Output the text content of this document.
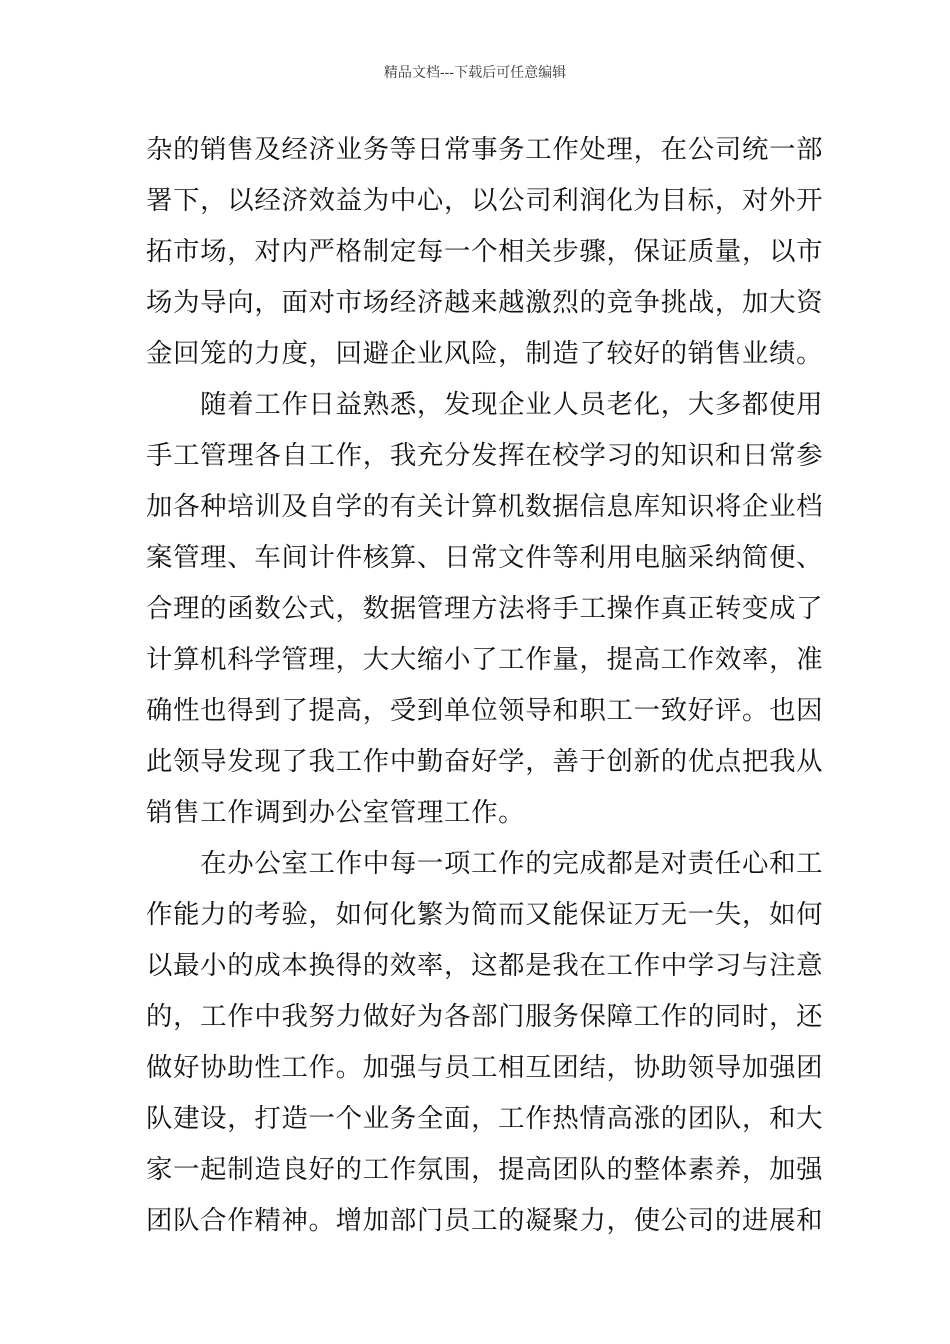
精品文档---下载后可任意编辑
杂的销售及经济业务等日常事务工作处理，在公司统一部
署下，以经济效益为中心，以公司利润化为目标，对外开
拓市场，对内严格制定每一个相关步骤，保证质量，以市
场为导向，面对市场经济越来越激烈的竞争挑战，加大资
金回笼的力度，回避企业风险，制造了较好的销售业绩。
　　随着工作日益熟悉，发现企业人员老化，大多都使用
手工管理各自工作，我充分发挥在校学习的知识和日常参
加各种培训及自学的有关计算机数据信息库知识将企业档
案管理、车间计件核算、日常文件等利用电脑采纳简便、
合理的函数公式，数据管理方法将手工操作真正转变成了
计算机科学管理，大大缩小了工作量，提高工作效率，准
确性也得到了提高，受到单位领导和职工一致好评。也因
此领导发现了我工作中勤奋好学，善于创新的优点把我从
销售工作调到办公室管理工作。
　　在办公室工作中每一项工作的完成都是对责任心和工
作能力的考验，如何化繁为简而又能保证万无一失，如何
以最小的成本换得的效率，这都是我在工作中学习与注意
的，工作中我努力做好为各部门服务保障工作的同时，还
做好协助性工作。加强与员工相互团结，协助领导加强团
队建设，打造一个业务全面，工作热情高涨的团队，和大
家一起制造良好的工作氛围，提高团队的整体素养，加强
团队合作精神。增加部门员工的凝聚力，使公司的进展和
